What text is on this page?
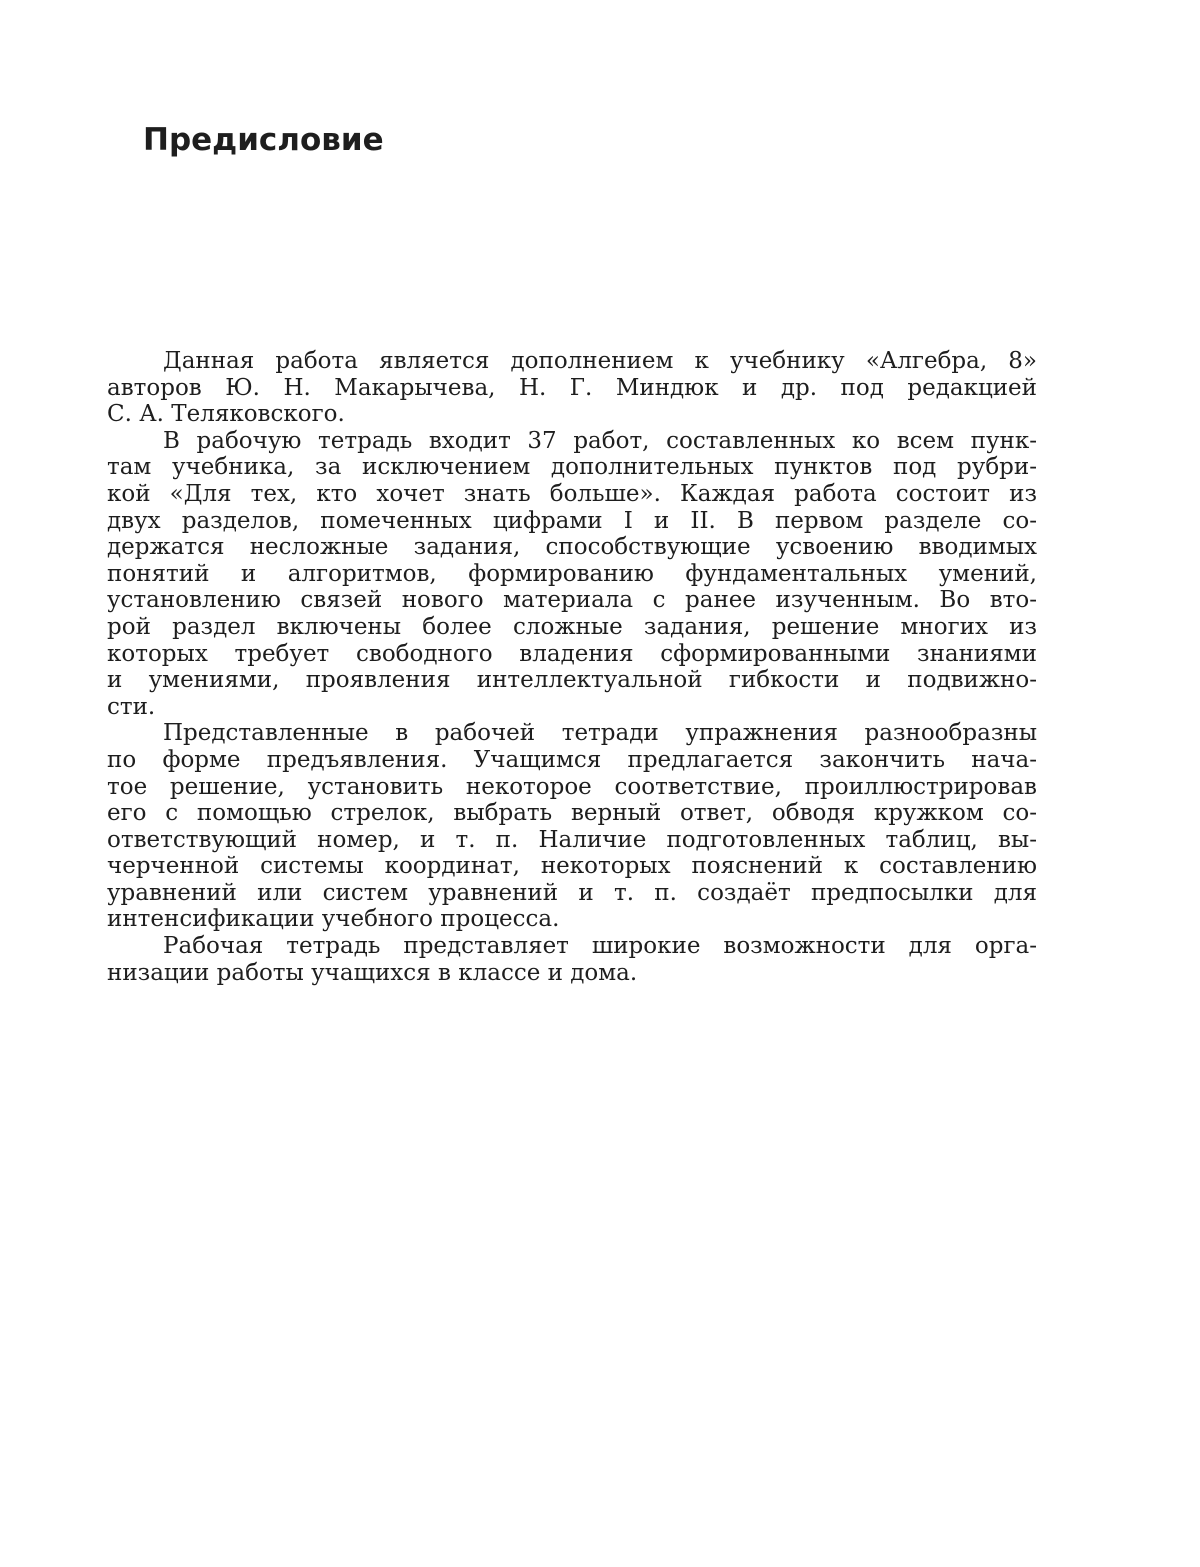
Предисловие
Данная работа является дополнением к учебнику «Алгебра, 8»
авторов Ю. Н. Макарычева, Н. Г. Миндюк и др. под редакцией
С. А. Теляковского.
В рабочую тетрадь входит 37 работ, составленных ко всем пунк-
там учебника, за исключением дополнительных пунктов под рубри-
кой «Для тех, кто хочет знать больше». Каждая работа состоит из
двух разделов, помеченных цифрами I и II. В первом разделе со-
держатся несложные задания, способствующие усвоению вводимых
понятий и алгоритмов, формированию фундаментальных умений,
установлению связей нового материала с ранее изученным. Во вто-
рой раздел включены более сложные задания, решение многих из
которых требует свободного владения сформированными знаниями
и умениями, проявления интеллектуальной гибкости и подвижно-
сти.
Представленные в рабочей тетради упражнения разнообразны
по форме предъявления. Учащимся предлагается закончить нача-
тое решение, установить некоторое соответствие, проиллюстрировав
его с помощью стрелок, выбрать верный ответ, обводя кружком со-
ответствующий номер, и т. п. Наличие подготовленных таблиц, вы-
черченной системы координат, некоторых пояснений к составлению
уравнений или систем уравнений и т. п. создаёт предпосылки для
интенсификации учебного процесса.
Рабочая тетрадь представляет широкие возможности для орга-
низации работы учащихся в классе и дома.
